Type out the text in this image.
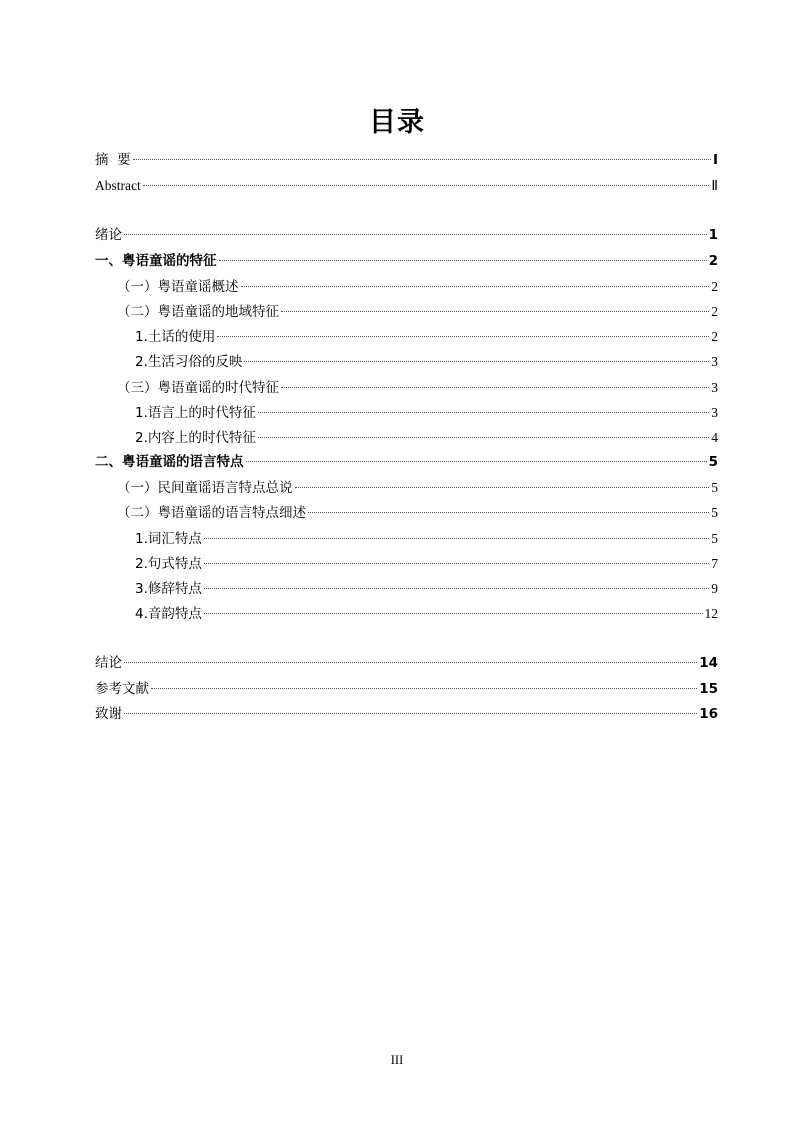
目录
摘  要	I
Abstract	Ⅱ
绪论	1
一、粤语童谣的特征	2
（一）粤语童谣概述	2
（二）粤语童谣的地域特征	2
1.土话的使用	2
2.生活习俗的反映	3
（三）粤语童谣的时代特征	3
1.语言上的时代特征	3
2.内容上的时代特征	4
二、粤语童谣的语言特点	5
（一）民间童谣语言特点总说	5
（二）粤语童谣的语言特点细述	5
1.词汇特点	5
2.句式特点	7
3.修辞特点	9
4.音韵特点	12
结论	14
参考文献	15
致谢	16
III
